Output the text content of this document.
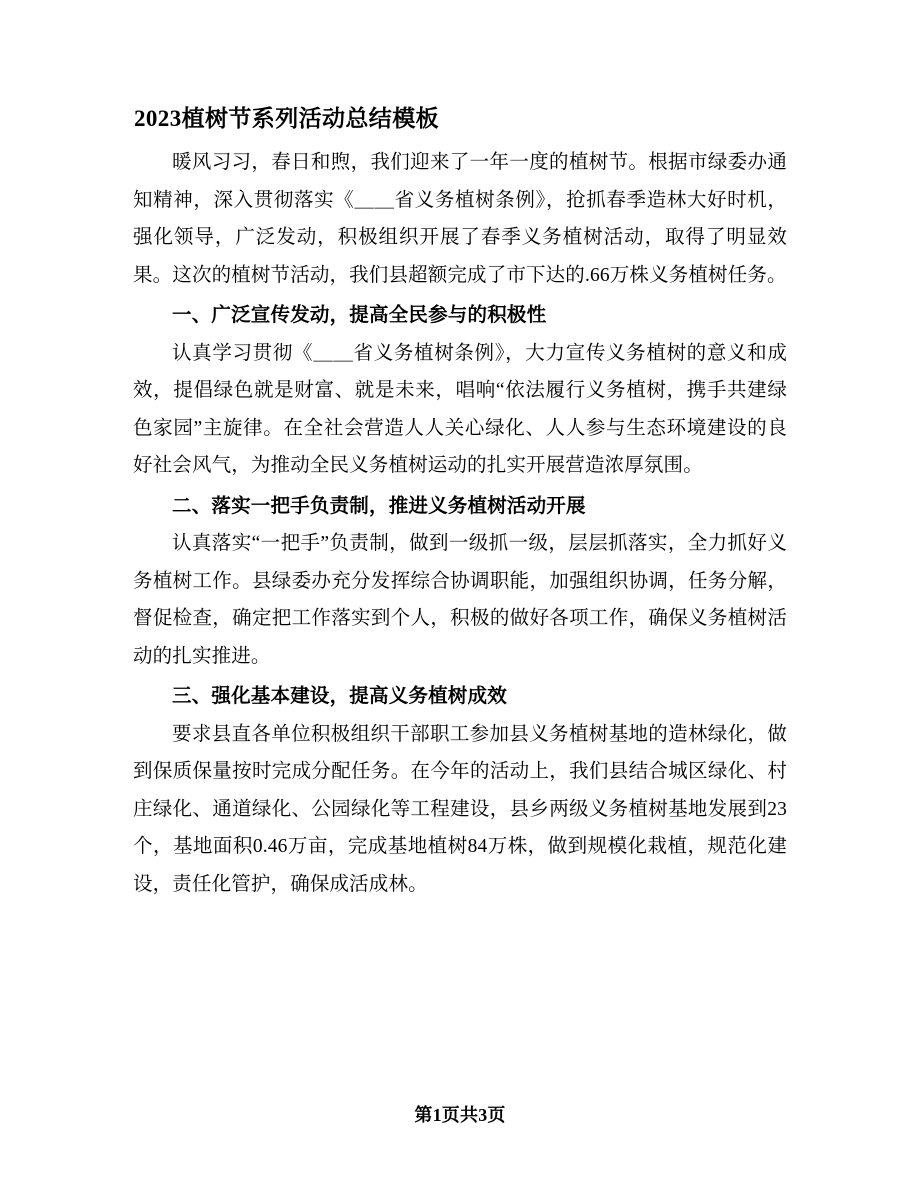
2023植树节系列活动总结模板

暖风习习，春日和煦，我们迎来了一年一度的植树节。根据市绿委办通知精神，深入贯彻落实《＿＿省义务植树条例》，抢抓春季造林大好时机，强化领导，广泛发动，积极组织开展了春季义务植树活动，取得了明显效果。这次的植树节活动，我们县超额完成了市下达的.66万株义务植树任务。

一、广泛宣传发动，提高全民参与的积极性

认真学习贯彻《＿＿省义务植树条例》，大力宣传义务植树的意义和成效，提倡绿色就是财富、就是未来，唱响“依法履行义务植树，携手共建绿色家园”主旋律。在全社会营造人人关心绿化、人人参与生态环境建设的良好社会风气，为推动全民义务植树运动的扎实开展营造浓厚氛围。

二、落实一把手负责制，推进义务植树活动开展

认真落实“一把手”负责制，做到一级抓一级，层层抓落实，全力抓好义务植树工作。县绿委办充分发挥综合协调职能，加强组织协调，任务分解，督促检查，确定把工作落实到个人，积极的做好各项工作，确保义务植树活动的扎实推进。

三、强化基本建设，提高义务植树成效

要求县直各单位积极组织干部职工参加县义务植树基地的造林绿化，做到保质保量按时完成分配任务。在今年的活动上，我们县结合城区绿化、村庄绿化、通道绿化、公园绿化等工程建设，县乡两级义务植树基地发展到23个，基地面积0.46万亩，完成基地植树84万株，做到规模化栽植，规范化建设，责任化管护，确保成活成林。

第1页共3页
